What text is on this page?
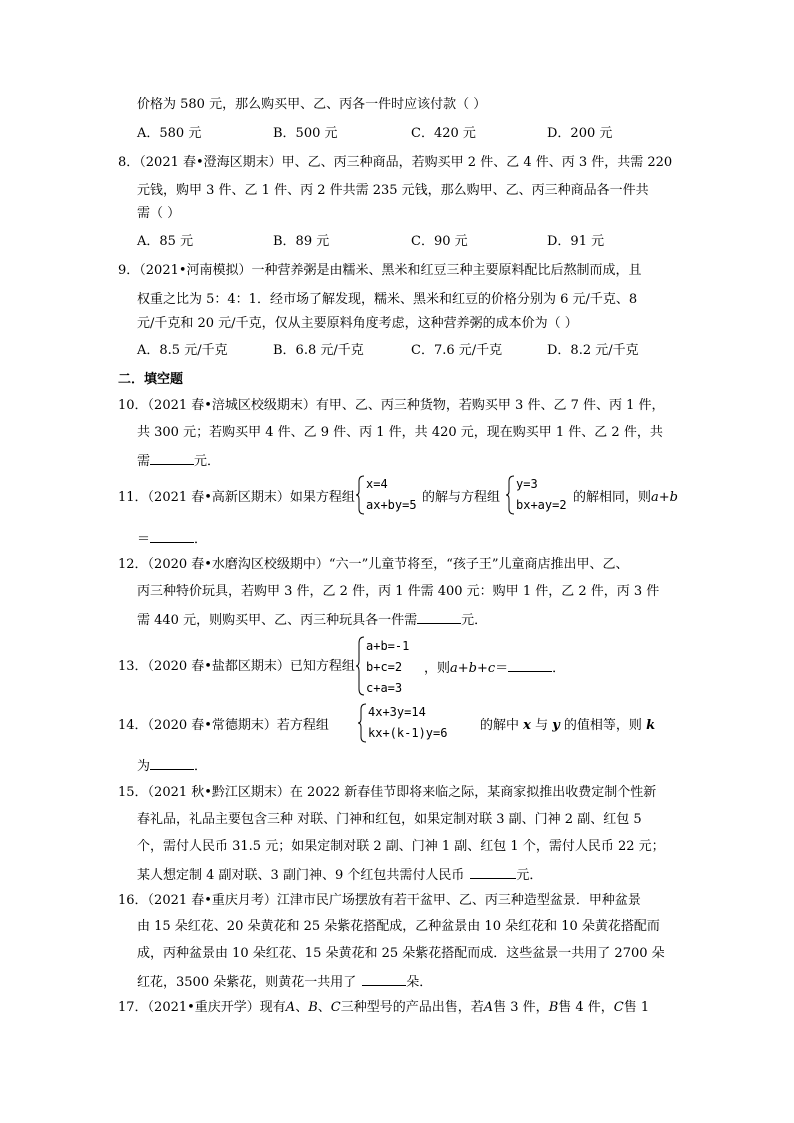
价格为 580 元，那么购买甲、乙、丙各一件时应该付款（ ）
A．580 元	B．500 元	C．420 元	D．200 元
8．（2021 春•澄海区期末）甲、乙、丙三种商品，若购买甲 2 件、乙 4 件、丙 3 件，共需 220
元钱，购甲 3 件、乙 1 件、丙 2 件共需 235 元钱，那么购甲、乙、丙三种商品各一件共
需（ ）
A．85 元	B．89 元	C．90 元	D．91 元
9．（2021•河南模拟）一种营养粥是由糯米、黑米和红豆三种主要原料配比后熬制而成，且
权重之比为 5：4：1．经市场了解发现，糯米、黑米和红豆的价格分别为 6 元/千克、8
元/千克和 20 元/千克，仅从主要原料角度考虑，这种营养粥的成本价为（ ）
A．8.5 元/千克	B．6.8 元/千克	C．7.6 元/千克	D．8.2 元/千克
二．填空题
10．（2021 春•涪城区校级期末）有甲、乙、丙三种货物，若购买甲 3 件、乙 7 件、丙 1 件，
共 300 元；若购买甲 4 件、乙 9 件、丙 1 件，共 420 元，现在购买甲 1 件、乙 2 件，共
需	元．
11．（2021 春•高新区期末）如果方程组
x=4
ax+by=5 的解与方程组
y=3
bx+ay=2 的解相同，则a+b
＝	．
12．（2020 春•水磨沟区校级期中）“六一”儿童节将至，“孩子王”儿童商店推出甲、乙、
丙三种特价玩具，若购甲 3 件，乙 2 件，丙 1 件需 400 元：购甲 1 件，乙 2 件，丙 3 件
需 440 元，则购买甲、乙、丙三种玩具各一件需	元．
13．（2020 春•盐都区期末）已知方程组
a+b=-1
b+c=2
c+a=3
，则a+b+c＝	．
14．（2020 春•常德期末）若方程组
4x+3y=14
kx+(k-1)y=6	的解中 x 与 y 的值相等，则 k
为	．
15．（2021 秋•黔江区期末）在 2022 新春佳节即将来临之际，某商家拟推出收费定制个性新
春礼品，礼品主要包含三种 对联、门神和红包，如果定制对联 3 副、门神 2 副、红包 5
个，需付人民币 31.5 元；如果定制对联 2 副、门神 1 副、红包 1 个，需付人民币 22 元；
某人想定制 4 副对联、3 副门神、9 个红包共需付人民币	元．
16．（2021 春•重庆月考）江津市民广场摆放有若干盆甲、乙、丙三种造型盆景．甲种盆景
由 15 朵红花、20 朵黄花和 25 朵紫花搭配成，乙种盆景由 10 朵红花和 10 朵黄花搭配而
成，丙种盆景由 10 朵红花、15 朵黄花和 25 朵紫花搭配而成．这些盆景一共用了 2700 朵
红花，3500 朵紫花，则黄花一共用了	朵．
17．（2021•重庆开学）现有A、B、C三种型号的产品出售，若A售 3 件，B售 4 件，C售 1
